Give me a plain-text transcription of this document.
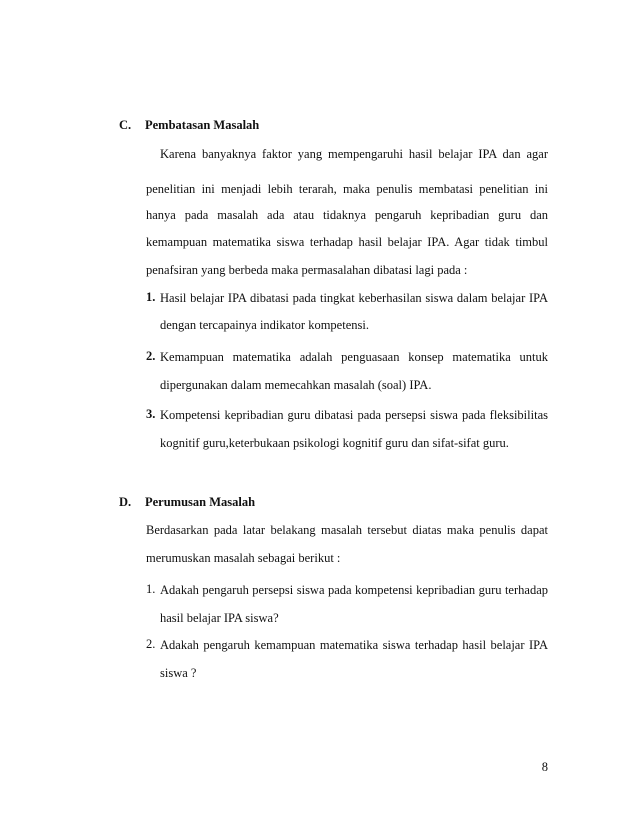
C. Pembatasan Masalah
Karena banyaknya faktor yang mempengaruhi hasil belajar IPA dan agar
penelitian ini menjadi lebih terarah, maka penulis membatasi penelitian ini
hanya pada masalah ada atau tidaknya pengaruh kepribadian guru dan
kemampuan matematika siswa terhadap hasil belajar IPA. Agar tidak timbul
penafsiran yang berbeda maka permasalahan dibatasi lagi pada :
1. Hasil belajar IPA dibatasi pada tingkat keberhasilan siswa dalam belajar IPA
dengan tercapainya indikator kompetensi.
2. Kemampuan matematika adalah penguasaan konsep matematika untuk
dipergunakan dalam memecahkan masalah (soal) IPA.
3. Kompetensi kepribadian guru dibatasi pada persepsi siswa pada fleksibilitas
kognitif guru,keterbukaan psikologi kognitif guru dan sifat-sifat guru.
D. Perumusan Masalah
Berdasarkan pada latar belakang masalah tersebut diatas maka penulis dapat
merumuskan masalah sebagai berikut :
1. Adakah pengaruh persepsi siswa pada kompetensi kepribadian guru terhadap
hasil belajar IPA siswa?
2. Adakah pengaruh kemampuan matematika siswa terhadap hasil belajar IPA
siswa ?
8
